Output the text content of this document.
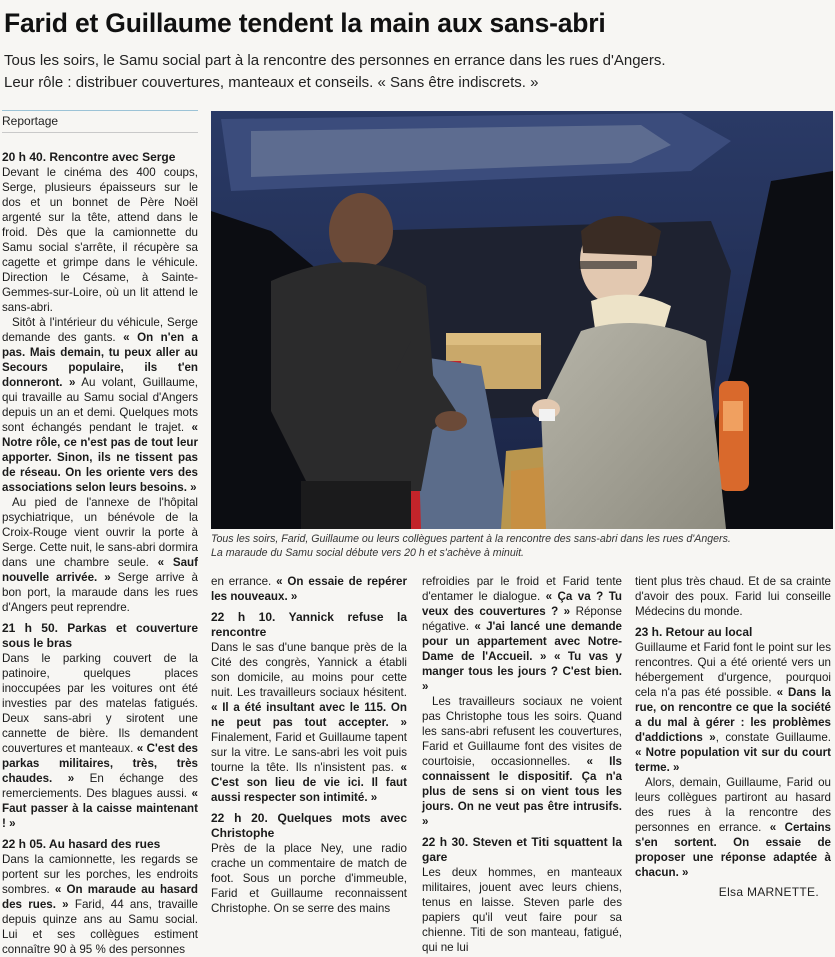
Farid et Guillaume tendent la main aux sans-abri
Tous les soirs, le Samu social part à la rencontre des personnes en errance dans les rues d'Angers.
Leur rôle : distribuer couvertures, manteaux et conseils. « Sans être indiscrets. »
Reportage
Tous les soirs, Farid, Guillaume ou leurs collègues partent à la rencontre des sans-abri dans les rues d'Angers.
La maraude du Samu social débute vers 20 h et s'achève à minuit.
20 h 40. Rencontre avec Serge

Devant le cinéma des 400 coups, Serge, plusieurs épaisseurs sur le dos et un bonnet de Père Noël argenté sur la tête, attend dans le froid. Dès que la camionnette du Samu social s'arrête, il récupère sa cagette et grimpe dans le véhicule. Direction le Césame, à Sainte-Gemmes-sur-Loire, où un lit attend le sans-abri.

Sitôt à l'intérieur du véhicule, Serge demande des gants. « On n'en a pas. Mais demain, tu peux aller au Secours populaire, ils t'en donneront. » Au volant, Guillaume, qui travaille au Samu social d'Angers depuis un an et demi. Quelques mots sont échangés pendant le trajet. « Notre rôle, ce n'est pas de tout leur apporter. Sinon, ils ne tissent pas de réseau. On les oriente vers des associations selon leurs besoins. »

Au pied de l'annexe de l'hôpital psychiatrique, un bénévole de la Croix-Rouge vient ouvrir la porte à Serge. Cette nuit, le sans-abri dormira dans une chambre seule. « Sauf nouvelle arrivée. » Serge arrive à bon port, la maraude dans les rues d'Angers peut reprendre.

21 h 50. Parkas et couverture sous le bras

Dans le parking couvert de la patinoire, quelques places inoccupées par les voitures ont été investies par des matelas fatigués. Deux sans-abri y sirotent une cannette de bière. Ils demandent couvertures et manteaux. « C'est des parkas militaires, très, très chaudes. » En échange des remerciements. Des blagues aussi. « Faut passer à la caisse maintenant ! »

22 h 05. Au hasard des rues

Dans la camionnette, les regards se portent sur les porches, les endroits sombres. « On maraude au hasard des rues. » Farid, 44 ans, travaille depuis quinze ans au Samu social. Lui et ses collègues estiment connaître 90 à 95 % des personnes

en errance. « On essaie de repérer les nouveaux. »

22 h 10. Yannick refuse la rencontre

Dans le sas d'une banque près de la Cité des congrès, Yannick a établi son domicile, au moins pour cette nuit. Les travailleurs sociaux hésitent. « Il a été insultant avec le 115. On ne peut pas tout accepter. » Finalement, Farid et Guillaume tapent sur la vitre. Le sans-abri les voit puis tourne la tête. Ils n'insistent pas. « C'est son lieu de vie ici. Il faut aussi respecter son intimité. »

22 h 20. Quelques mots avec Christophe

Près de la place Ney, une radio crache un commentaire de match de foot. Sous un porche d'immeuble, Farid et Guillaume reconnaissent Christophe. On se serre des mains

refroidies par le froid et Farid tente d'entamer le dialogue. « Ça va ? Tu veux des couvertures ? » Réponse négative. « J'ai lancé une demande pour un appartement avec Notre-Dame de l'Accueil. » « Tu vas y manger tous les jours ? C'est bien. »

Les travailleurs sociaux ne voient pas Christophe tous les soirs. Quand les sans-abri refusent les couvertures, Farid et Guillaume font des visites de courtoisie, occasionnelles. « Ils connaissent le dispositif. Ça n'a plus de sens si on vient tous les jours. On ne veut pas être intrusifs. »

22 h 30. Steven et Titi squattent la gare

Les deux hommes, en manteaux militaires, jouent avec leurs chiens, tenus en laisse. Steven parle des papiers qu'il veut faire pour sa chienne. Titi de son manteau, fatigué, qui ne lui

tient plus très chaud. Et de sa crainte d'avoir des poux. Farid lui conseille Médecins du monde.

23 h. Retour au local

Guillaume et Farid font le point sur les rencontres. Qui a été orienté vers un hébergement d'urgence, pourquoi cela n'a pas été possible. « Dans la rue, on rencontre ce que la société a du mal à gérer : les problèmes d'addictions », constate Guillaume. « Notre population vit sur du court terme. »

Alors, demain, Guillaume, Farid ou leurs collègues partiront au hasard des rues à la rencontre des personnes en errance. « Certains s'en sortent. On essaie de proposer une réponse adaptée à chacun. »

Elsa MARNETTE.
